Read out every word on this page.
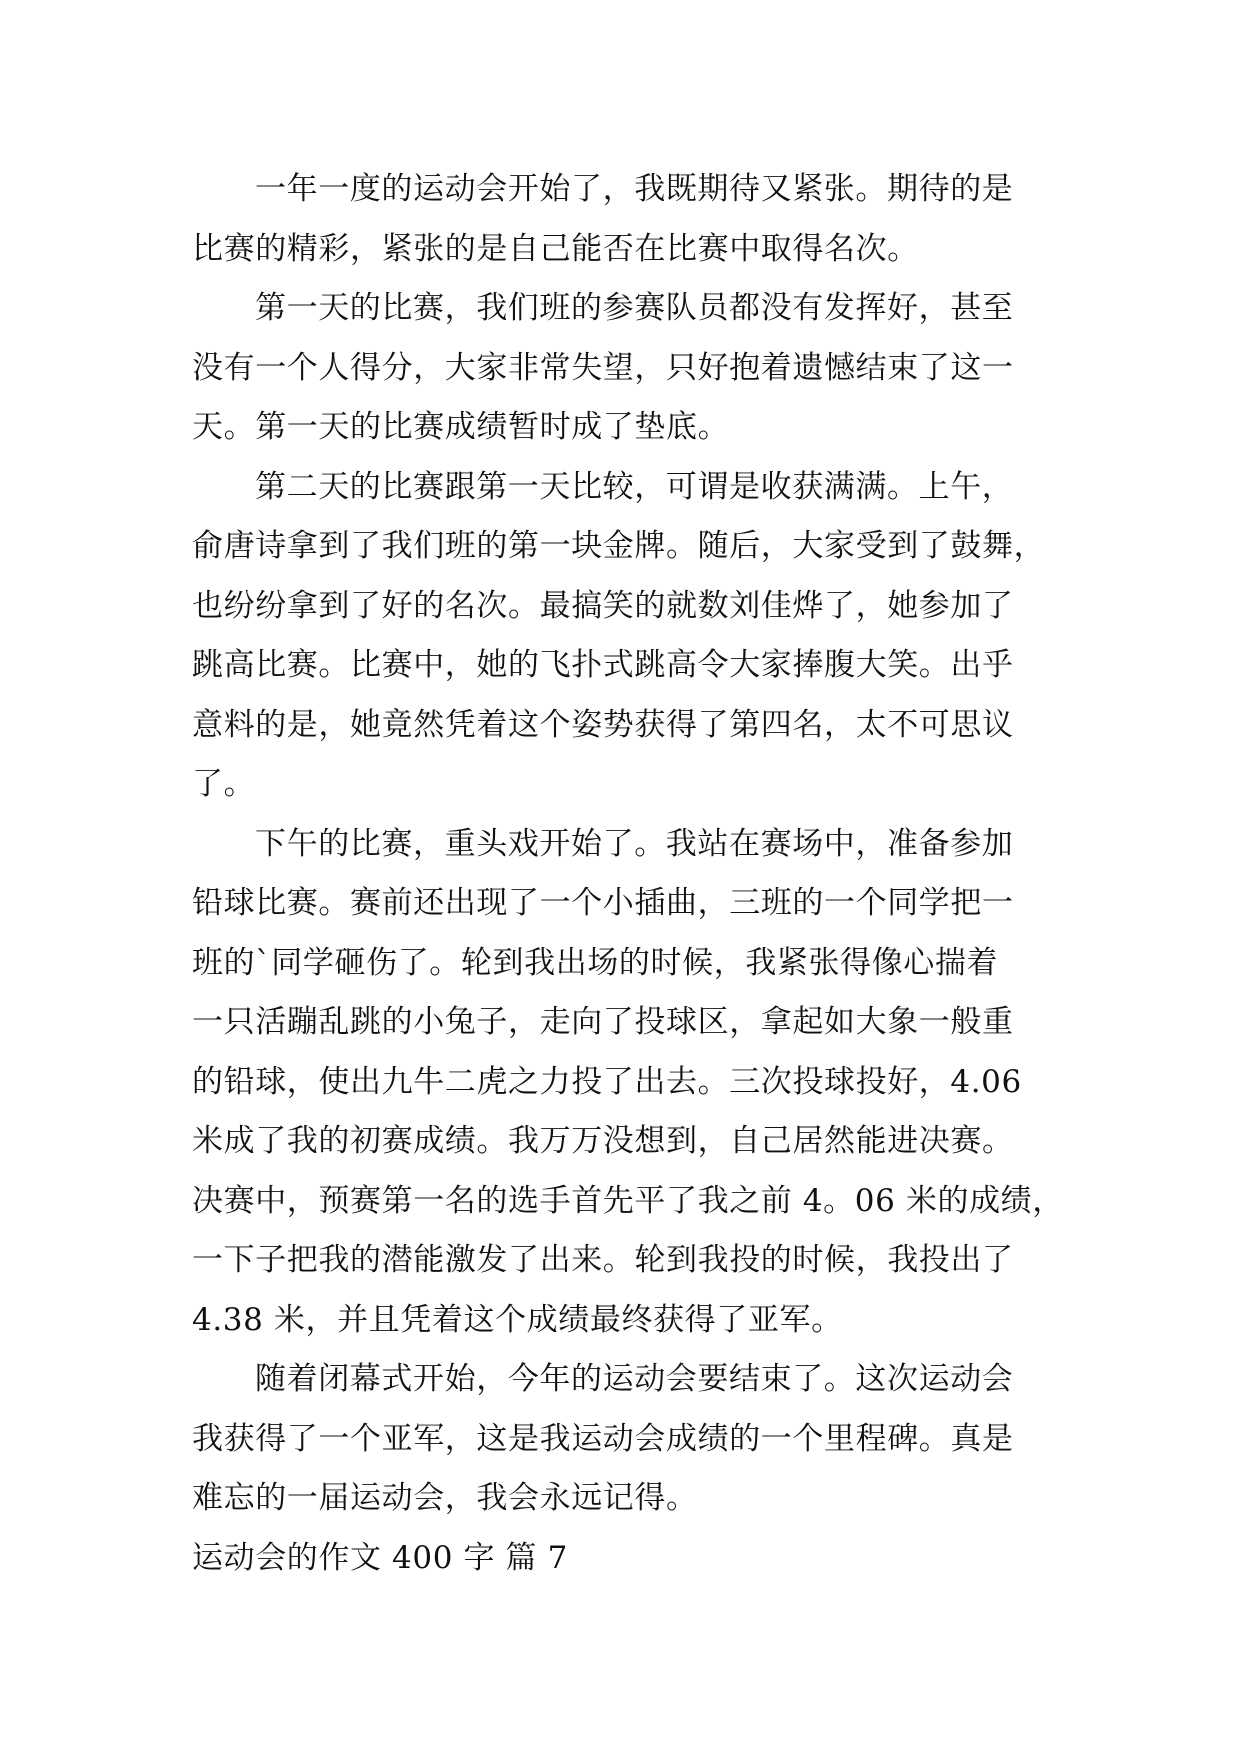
一年一度的运动会开始了，我既期待又紧张。期待的是
比赛的精彩，紧张的是自己能否在比赛中取得名次。
第一天的比赛，我们班的参赛队员都没有发挥好，甚至
没有一个人得分，大家非常失望，只好抱着遗憾结束了这一
天。第一天的比赛成绩暂时成了垫底。
第二天的比赛跟第一天比较，可谓是收获满满。上午，
俞唐诗拿到了我们班的第一块金牌。随后，大家受到了鼓舞，
也纷纷拿到了好的名次。最搞笑的就数刘佳烨了，她参加了
跳高比赛。比赛中，她的飞扑式跳高令大家捧腹大笑。出乎
意料的是，她竟然凭着这个姿势获得了第四名，太不可思议
了。
下午的比赛，重头戏开始了。我站在赛场中，准备参加
铅球比赛。赛前还出现了一个小插曲，三班的一个同学把一
班的`同学砸伤了。轮到我出场的时候，我紧张得像心揣着
一只活蹦乱跳的小兔子，走向了投球区，拿起如大象一般重
的铅球，使出九牛二虎之力投了出去。三次投球投好，4.06
米成了我的初赛成绩。我万万没想到，自己居然能进决赛。
决赛中，预赛第一名的选手首先平了我之前 4。06 米的成绩，
一下子把我的潜能激发了出来。轮到我投的时候，我投出了
4.38 米，并且凭着这个成绩最终获得了亚军。
随着闭幕式开始，今年的运动会要结束了。这次运动会
我获得了一个亚军，这是我运动会成绩的一个里程碑。真是
难忘的一届运动会，我会永远记得。
运动会的作文 400 字 篇 7
